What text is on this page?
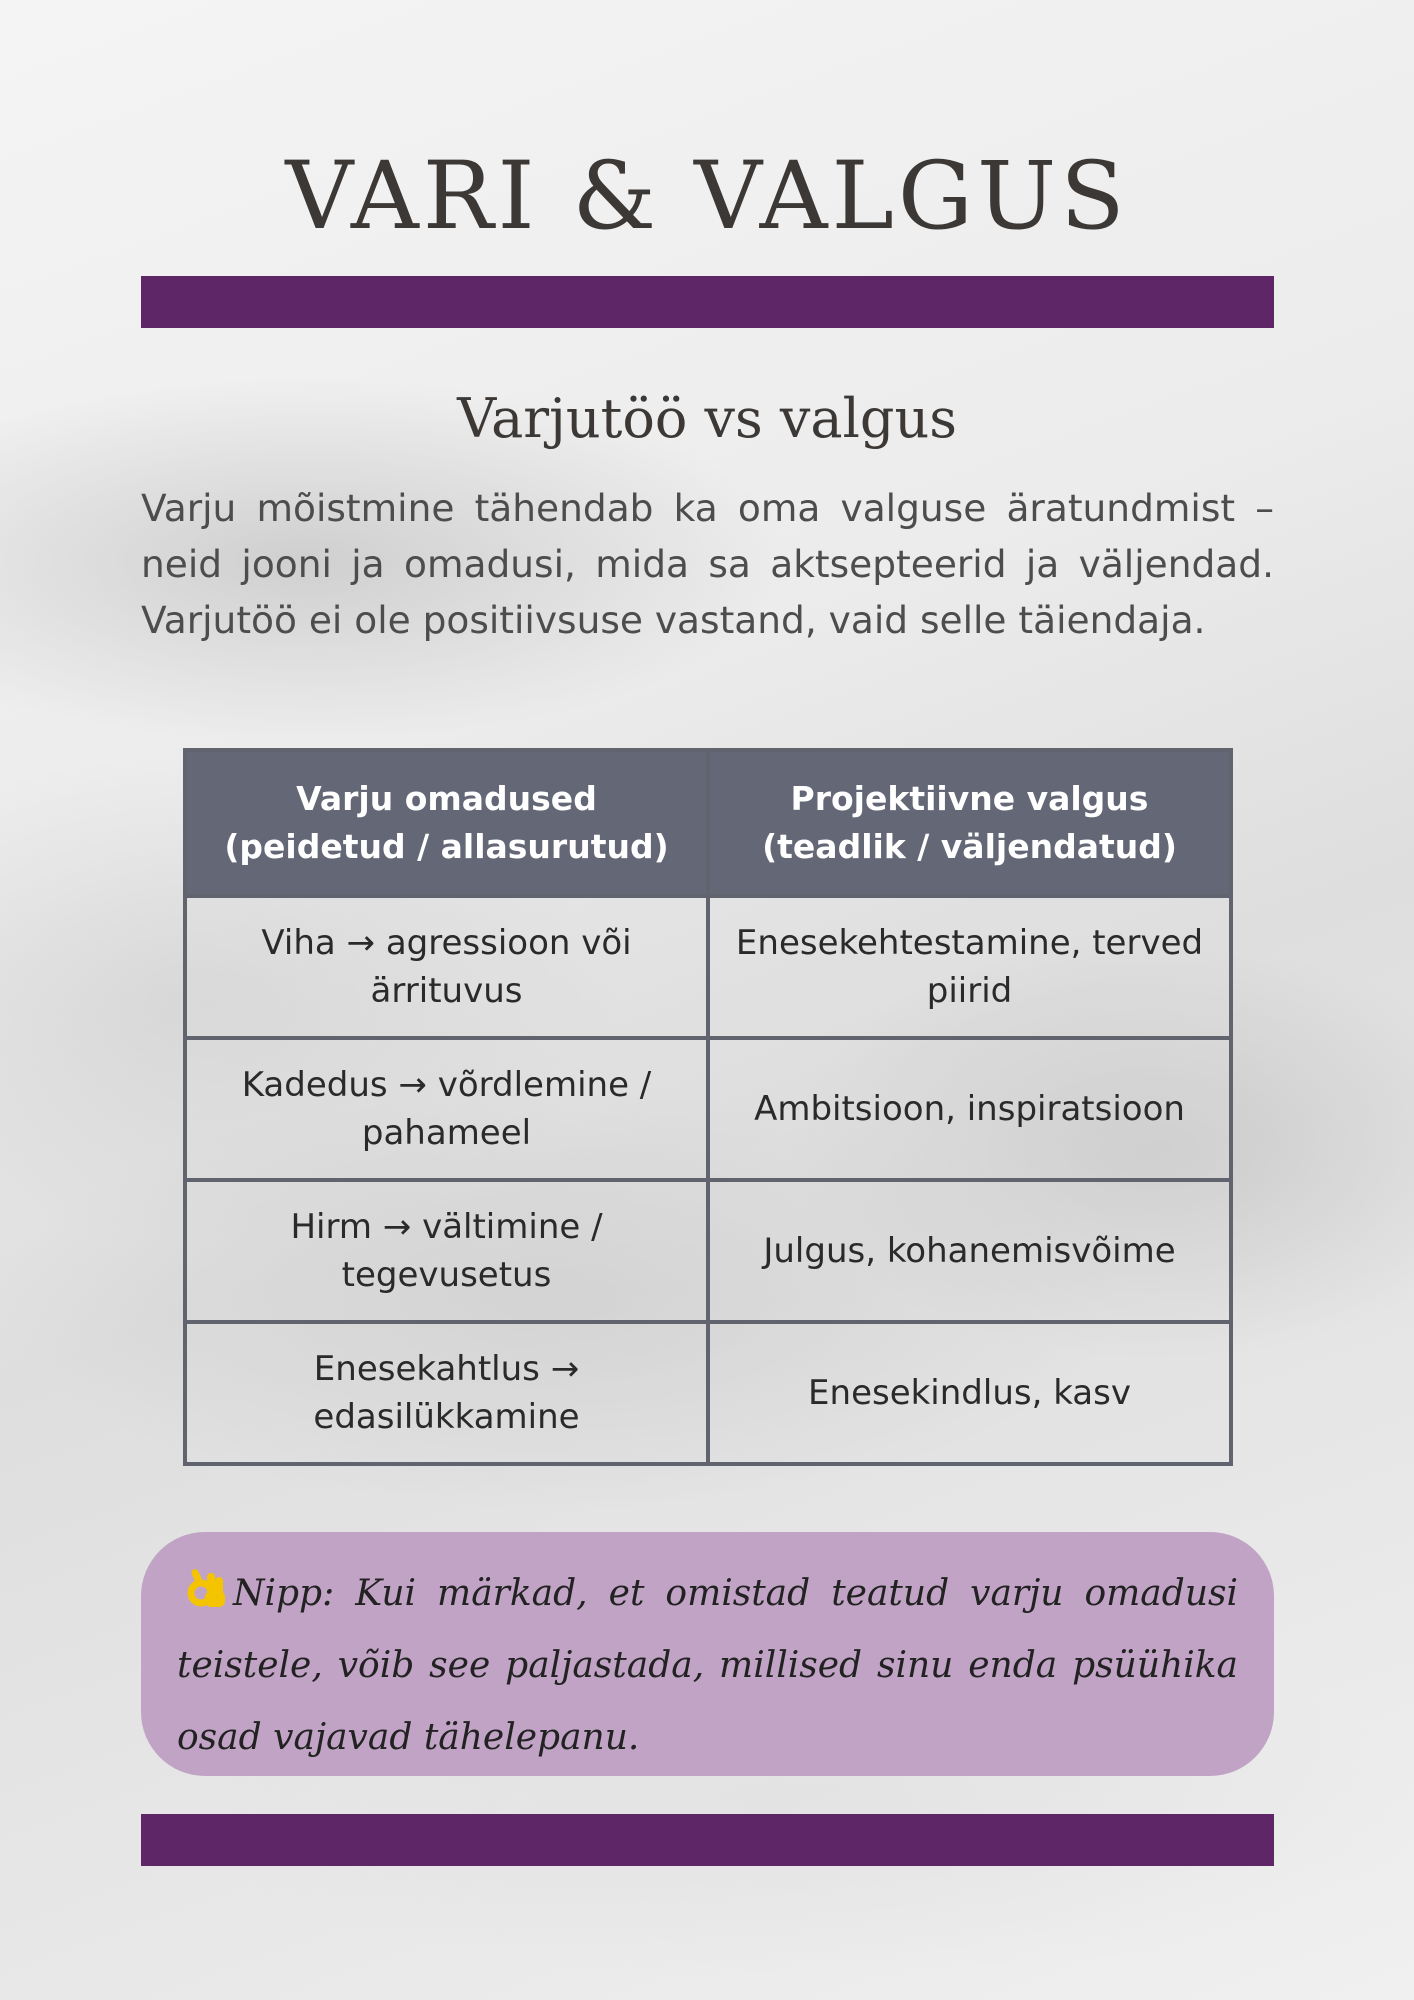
VARI & VALGUS
Varjutöö vs valgus
Varju mõistmine tähendab ka oma valguse äratundmist – neid jooni ja omadusi, mida sa aktsepteerid ja väljendad. Varjutöö ei ole positiivsuse vastand, vaid selle täiendaja.
Varju omadused (peidetud / allasurutud)	Projektiivne valgus (teadlik / väljendatud)
Viha → agressioon või ärrituvus	Enesekehtestamine, terved piirid
Kadedus → võrdlemine / pahameel	Ambitsioon, inspiratsioon
Hirm → vältimine / tegevusetus	Julgus, kohanemisvõime
Enesekahtlus → edasilükkamine	Enesekindlus, kasv
Nipp: Kui märkad, et omistad teatud varju omadusi teistele, võib see paljastada, millised sinu enda psüühika osad vajavad tähelepanu.
